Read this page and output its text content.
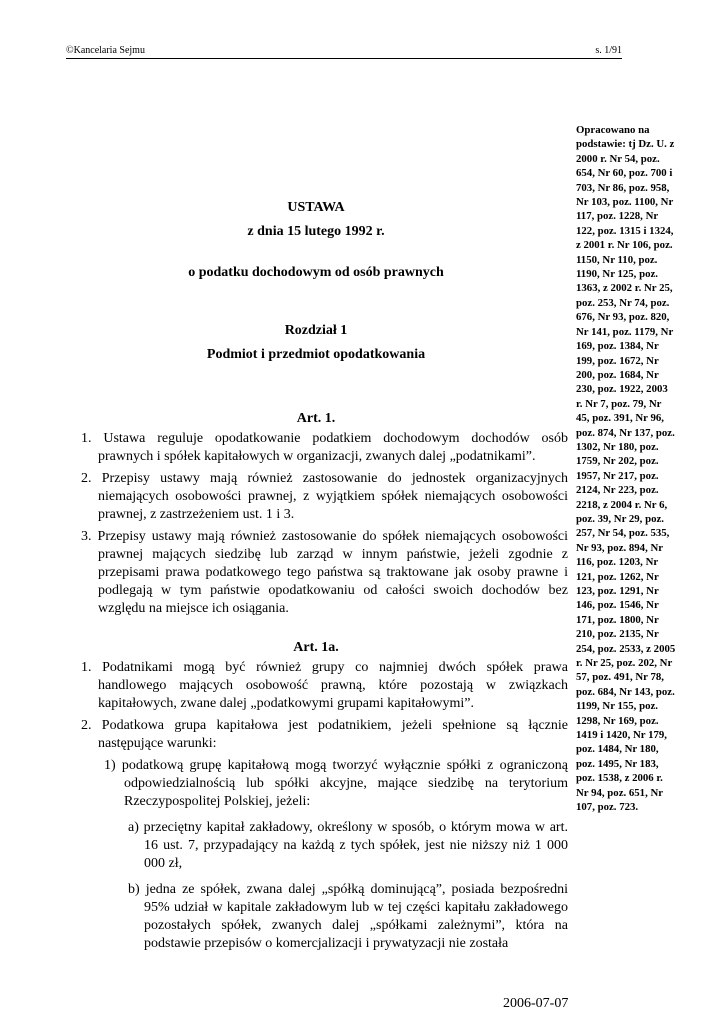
©Kancelaria Sejmu	s. 1/91
Opracowano na
podstawie: tj Dz. U. z
2000 r. Nr 54, poz.
654, Nr 60, poz. 700 i
703, Nr 86, poz. 958,
Nr 103, poz. 1100, Nr
117, poz. 1228, Nr
122, poz. 1315 i 1324,
z 2001 r. Nr 106, poz.
1150, Nr 110, poz.
1190, Nr 125, poz.
1363, z 2002 r. Nr 25,
poz. 253, Nr 74, poz.
676, Nr 93, poz. 820,
Nr 141, poz. 1179, Nr
169, poz. 1384, Nr
199, poz. 1672, Nr
200, poz. 1684, Nr
230, poz. 1922, 2003
r. Nr 7, poz. 79, Nr
45, poz. 391, Nr 96,
poz. 874, Nr 137, poz.
1302, Nr 180, poz.
1759, Nr 202, poz.
1957, Nr 217, poz.
2124, Nr 223, poz.
2218, z 2004 r. Nr 6,
poz. 39, Nr 29, poz.
257, Nr 54, poz. 535,
Nr 93, poz. 894, Nr
116, poz. 1203, Nr
121, poz. 1262, Nr
123, poz. 1291, Nr
146, poz. 1546, Nr
171, poz. 1800, Nr
210, poz. 2135, Nr
254, poz. 2533, z 2005
r. Nr 25, poz. 202, Nr
57, poz. 491, Nr 78,
poz. 684, Nr 143, poz.
1199, Nr 155, poz.
1298, Nr 169, poz.
1419 i 1420, Nr 179,
poz. 1484, Nr 180,
poz. 1495, Nr 183,
poz. 1538, z 2006 r.
Nr 94, poz. 651, Nr
107, poz. 723.
USTAWA
z dnia 15 lutego 1992 r.
o podatku dochodowym od osób prawnych
Rozdział 1
Podmiot i przedmiot opodatkowania
Art. 1.
1. Ustawa reguluje opodatkowanie podatkiem dochodowym dochodów osób prawnych i spółek kapitałowych w organizacji, zwanych dalej „podatnikami”.
2. Przepisy ustawy mają również zastosowanie do jednostek organizacyjnych niemających osobowości prawnej, z wyjątkiem spółek niemających osobowości prawnej, z zastrzeżeniem ust. 1 i 3.
3. Przepisy ustawy mają również zastosowanie do spółek niemających osobowości prawnej mających siedzibę lub zarząd w innym państwie, jeżeli zgodnie z przepisami prawa podatkowego tego państwa są traktowane jak osoby prawne i podlegają w tym państwie opodatkowaniu od całości swoich dochodów bez względu na miejsce ich osiągania.
Art. 1a.
1. Podatnikami mogą być również grupy co najmniej dwóch spółek prawa handlowego mających osobowość prawną, które pozostają w związkach kapitałowych, zwane dalej „podatkowymi grupami kapitałowymi”.
2. Podatkowa grupa kapitałowa jest podatnikiem, jeżeli spełnione są łącznie następujące warunki:
1) podatkową grupę kapitałową mogą tworzyć wyłącznie spółki z ograniczoną odpowiedzialnością lub spółki akcyjne, mające siedzibę na terytorium Rzeczypospolitej Polskiej, jeżeli:
a) przeciętny kapitał zakładowy, określony w sposób, o którym mowa w art. 16 ust. 7, przypadający na każdą z tych spółek, jest nie niższy niż 1 000 000 zł,
b) jedna ze spółek, zwana dalej „spółką dominującą”, posiada bezpośredni 95% udział w kapitale zakładowym lub w tej części kapitału zakładowego pozostałych spółek, zwanych dalej „spółkami zależnymi”, która na podstawie przepisów o komercjalizacji i prywatyzacji nie została
2006-07-07
